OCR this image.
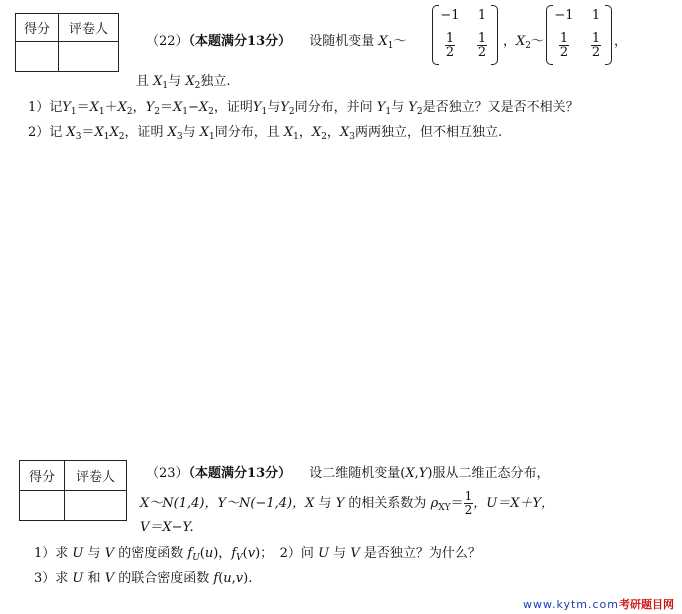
得分	评卷人

（22）（本题满分13分） 设随机变量 $X_1\sim$
−1	1
$\frac{1}{2} \frac{1}{2}$ ，$X_2\sim$
−1	1
$\frac{1}{2} \frac{1}{2}$ ，
且 $X_1$与 $X_2$独立.
1）记$Y_1=X_1+X_2$，$Y_2=X_1-X_2$，证明$Y_1$与$Y_2$同分布，并问 $Y_1$与 $Y_2$是否独立？又是否不相关？
2）记 $X_3=X_1X_2$，证明 $X_3$与 $X_1$同分布，且 $X_1$，$X_2$，$X_3$两两独立，但不相互独立.
得分	评卷人
	（23）（本题满分13分） 设二维随机变量(X,Y)服从二维正态分布，
X～N(1,4)，Y～N(−1,4)，X 与 Y 的相关系数为 $\rho_{XY}= \frac{1}{2}$ ，U＝X＋Y，
V＝X−Y.
1）求 U 与 V 的密度函数 $f_U(u)$，$f_V(v)$；　2）问 U 与 V 是否独立？为什么？
3）求 U 和 V 的联合密度函数 f(u,v).
www.kytm.com考研题目网
